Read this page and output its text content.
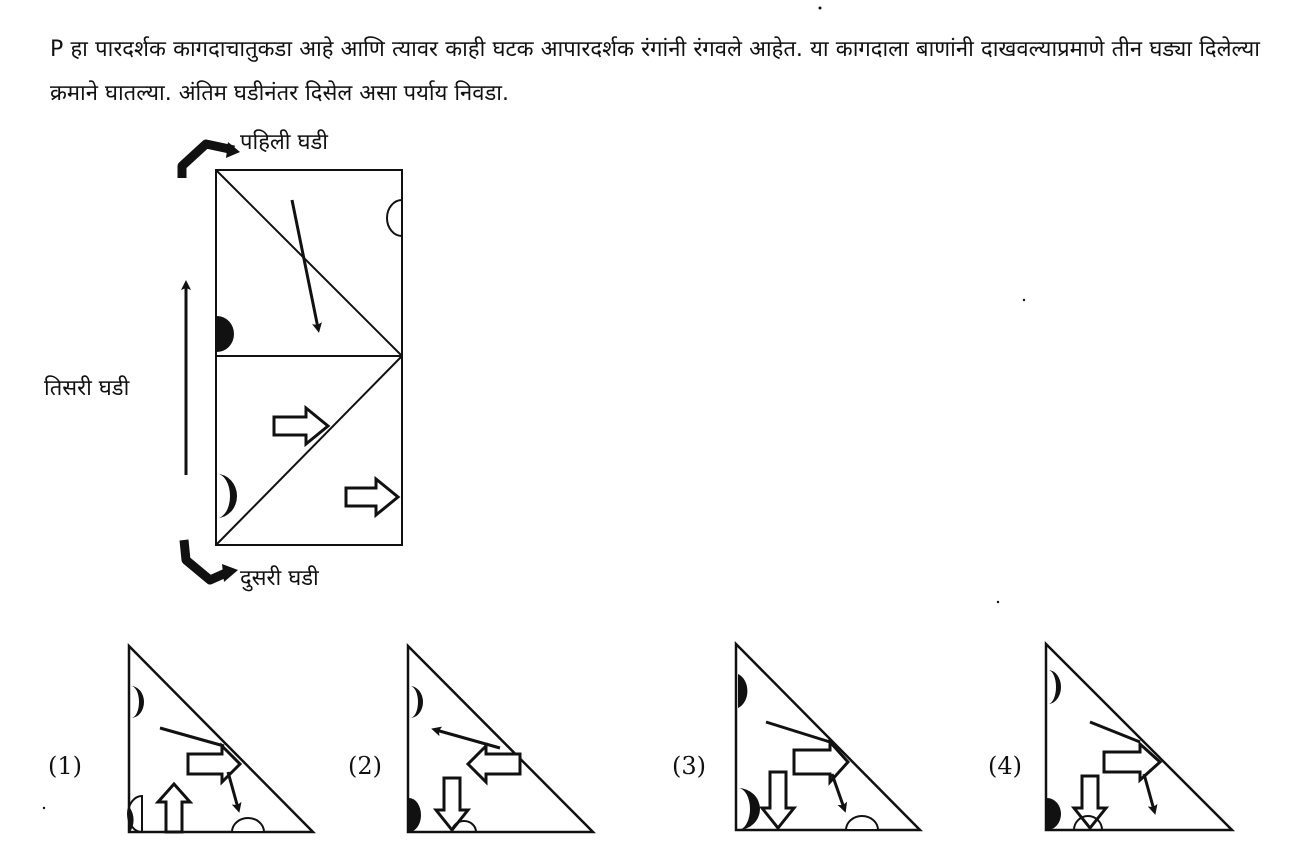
P हा पारदर्शक कागदाचातुकडा आहे आणि त्यावर काही घटक आपारदर्शक रंगांनी रंगवले आहेत. या कागदाला बाणांनी दाखवल्याप्रमाणे तीन घड्या दिलेल्या क्रमाने घातल्या. अंतिम घडीनंतर दिसेल असा पर्याय निवडा.
पहिली घडी
दुसरी घडी
तिसरी घडी
(1)	(2)	(3)	(4)
